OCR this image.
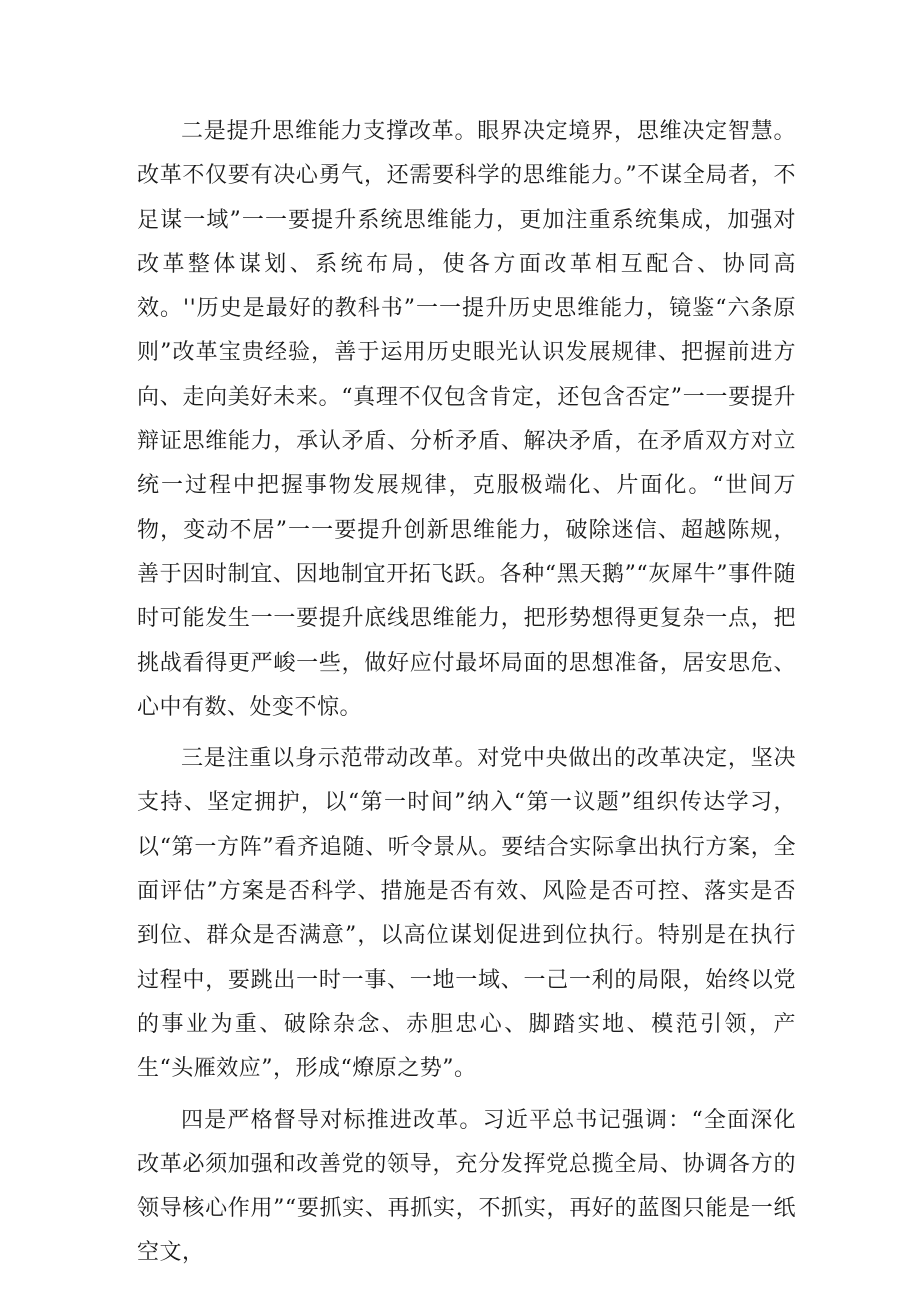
二是提升思维能力支撑改革。眼界决定境界，思维决定智慧。改革不仅要有决心勇气，还需要科学的思维能力。”不谋全局者，不足谋一域”一一要提升系统思维能力，更加注重系统集成，加强对改革整体谋划、系统布局，使各方面改革相互配合、协同高效。''历史是最好的教科书”一一提升历史思维能力，镜鉴“六条原则”改革宝贵经验，善于运用历史眼光认识发展规律、把握前进方向、走向美好未来。“真理不仅包含肯定，还包含否定”一一要提升辩证思维能力，承认矛盾、分析矛盾、解决矛盾，在矛盾双方对立统一过程中把握事物发展规律，克服极端化、片面化。“世间万物，变动不居”一一要提升创新思维能力，破除迷信、超越陈规，善于因时制宜、因地制宜开拓飞跃。各种“黑天鹅”“灰犀牛”事件随时可能发生一一要提升底线思维能力，把形势想得更复杂一点，把挑战看得更严峻一些，做好应付最坏局面的思想准备，居安思危、心中有数、处变不惊。

三是注重以身示范带动改革。对党中央做出的改革决定，坚决支持、坚定拥护，以“第一时间”纳入“第一议题”组织传达学习，以“第一方阵”看齐追随、听令景从。要结合实际拿出执行方案，全面评估”方案是否科学、措施是否有效、风险是否可控、落实是否到位、群众是否满意”，以高位谋划促进到位执行。特别是在执行过程中，要跳出一时一事、一地一域、一己一利的局限，始终以党的事业为重、破除杂念、赤胆忠心、脚踏实地、模范引领，产生“头雁效应”，形成“燎原之势”。

四是严格督导对标推进改革。习近平总书记强调：“全面深化改革必须加强和改善党的领导，充分发挥党总揽全局、协调各方的领导核心作用”“要抓实、再抓实，不抓实，再好的蓝图只能是一纸空文，
